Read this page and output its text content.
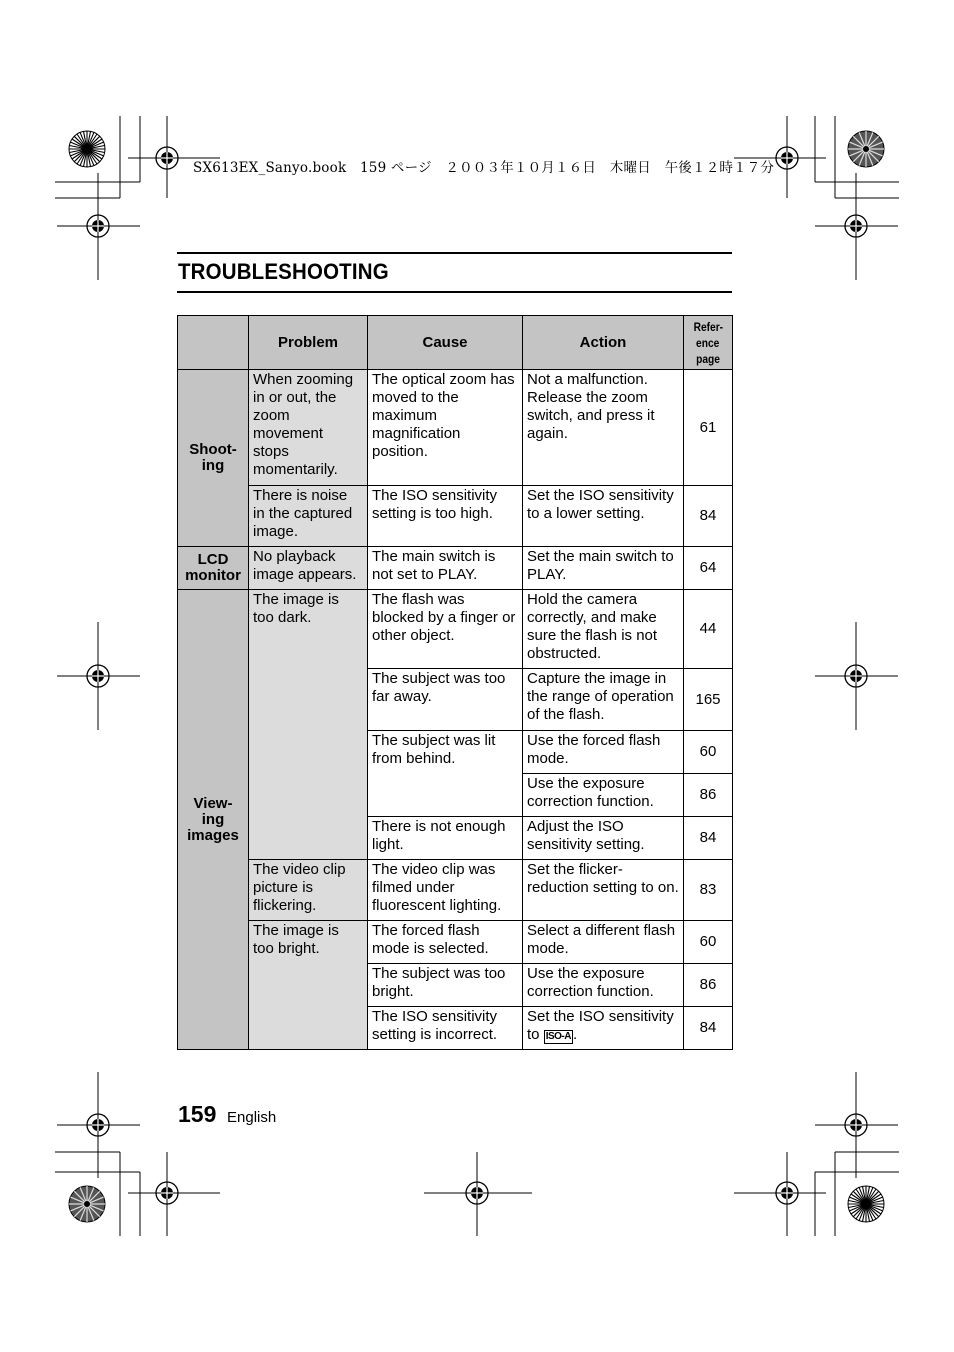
SX613EX_Sanyo.book　159 ページ　２００３年１０月１６日　木曜日　午後１２時１７分
TROUBLESHOOTING
	Problem	Cause	Action	Refer-
ence
page
Shoot-
ing	When zooming in or out, the zoom movement stops momentarily.	The optical zoom has moved to the maximum magnification position.	Not a malfunction. Release the zoom switch, and press it again.	61
	There is noise in the captured image.	The ISO sensitivity setting is too high.	Set the ISO sensitivity to a lower setting.	84
LCD
monitor	No playback image appears.	The main switch is not set to PLAY.	Set the main switch to PLAY.	64
View-
ing
images	The image is too dark.	The flash was blocked by a finger or other object.	Hold the camera correctly, and make sure the flash is not obstructed.	44
		The subject was too far away.	Capture the image in the range of operation of the flash.	165
		The subject was lit from behind.	Use the forced flash mode.	60
			Use the exposure correction function.	86
		There is not enough light.	Adjust the ISO sensitivity setting.	84
	The video clip picture is flickering.	The video clip was filmed under fluorescent lighting.	Set the flicker-reduction setting to on.	83
	The image is too bright.	The forced flash mode is selected.	Select a different flash mode.	60
		The subject was too bright.	Use the exposure correction function.	86
		The ISO sensitivity setting is incorrect.	Set the ISO sensitivity to ISO-A .	84
159 English
